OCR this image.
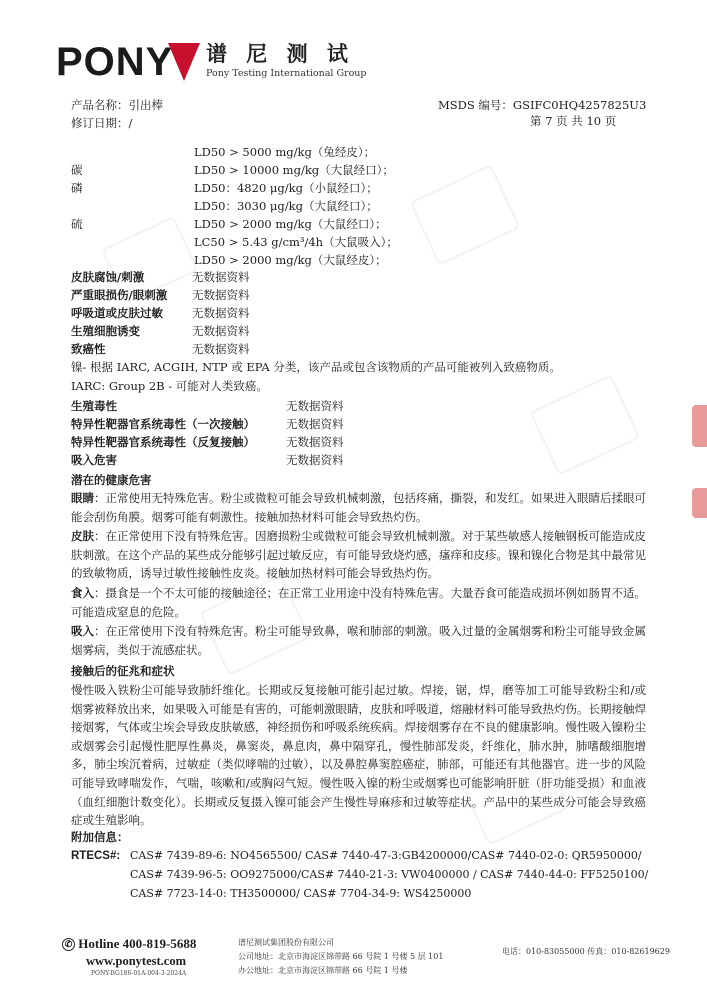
PONY 谱 尼 测 试
Pony Testing International Group
产品名称：引出棒
修订日期：/
MSDS 编号：GSIFC0HQ4257825U3
第 7 页 共 10 页
LD50 > 5000 mg/kg（兔经皮）；
碳	LD50 > 10000 mg/kg（大鼠经口）；
磷	LD50：4820 μg/kg（小鼠经口）；
LD50：3030 μg/kg（大鼠经口）；
硫	LD50 > 2000 mg/kg（大鼠经口）；
LC50 > 5.43 g/cm³/4h（大鼠吸入）；
LD50 > 2000 mg/kg（大鼠经皮）；
皮肤腐蚀/刺激	无数据资料
严重眼损伤/眼刺激 无数据资料
呼吸道或皮肤过敏	无数据资料
生殖细胞诱变	无数据资料
致癌性	无数据资料
镍- 根据 IARC, ACGIH, NTP 或 EPA 分类，该产品或包含该物质的产品可能被列入致癌物质。
IARC: Group 2B - 可能对人类致癌。
生殖毒性	无数据资料
特异性靶器官系统毒性（一次接触）	无数据资料
特异性靶器官系统毒性（反复接触）	无数据资料
吸入危害	无数据资料
潜在的健康危害
眼睛：正常使用无特殊危害。粉尘或微粒可能会导致机械刺激，包括疼痛，撕裂，和发红。如果进入眼睛后揉眼可能会刮伤角膜。烟雾可能有刺激性。接触加热材料可能会导致热灼伤。
皮肤：在正常使用下没有特殊危害。因磨损粉尘或微粒可能会导致机械刺激。对于某些敏感人接触钢板可能造成皮肤刺激。在这个产品的某些成分能够引起过敏反应，有可能导致烧灼感，瘙痒和皮疹。镍和镍化合物是其中最常见的致敏物质，诱导过敏性接触性皮炎。接触加热材料可能会导致热灼伤。
食入：摄食是一个不太可能的接触途径；在正常工业用途中没有特殊危害。大量吞食可能造成损坏例如肠胃不适。可能造成窒息的危险。
吸入：在正常使用下没有特殊危害。粉尘可能导致鼻，喉和肺部的刺激。吸入过量的金属烟雾和粉尘可能导致金属烟雾病，类似于流感症状。
接触后的征兆和症状
慢性吸入铁粉尘可能导致肺纤维化。长期或反复接触可能引起过敏。焊接，锯，焊，磨等加工可能导致粉尘和/或烟雾被释放出来，如果吸入可能是有害的，可能刺激眼睛，皮肤和呼吸道，熔融材料可能导致热灼伤。长期接触焊接烟雾，气体或尘埃会导致皮肤敏感，神经损伤和呼吸系统疾病。焊接烟雾存在不良的健康影响。慢性吸入镍粉尘或烟雾会引起慢性肥厚性鼻炎，鼻窦炎，鼻息肉，鼻中隔穿孔，慢性肺部发炎，纤维化，肺水肿，肺嗜酸细胞增多，肺尘埃沉着病，过敏症（类似哮喘的过敏），以及鼻腔鼻窦腔癌症，肺部，可能还有其他器官。进一步的风险可能导致哮喘发作，气喘，咳嗽和/或胸闷气短。慢性吸入镍的粉尘或烟雾也可能影响肝脏（肝功能受损）和血液（血红细胞计数变化）。长期或反复摄入镍可能会产生慢性导麻疹和过敏等症状。产品中的某些成分可能会导致癌症或生殖影响。
附加信息：
RTECS#: CAS# 7439-89-6: NO4565500/ CAS# 7440-47-3:GB4200000/CAS# 7440-02-0: QR5950000/
CAS# 7439-96-5: OO9275000/CAS# 7440-21-3: VW0400000 / CAS# 7440-44-0: FF5250100/
CAS# 7723-14-0: TH3500000/ CAS# 7704-34-9: WS4250000
✆ Hotline 400-819-5688
www.ponytest.com
PONY-BG186-01A-004-3-2024A
谱尼测试集团股份有限公司
公司地址：北京市海淀区锦带路 66 号院 1 号楼 5 层 101
办公地址：北京市海淀区锦带路 66 号院 1 号楼
电话：010-83055000 传真：010-82619629
